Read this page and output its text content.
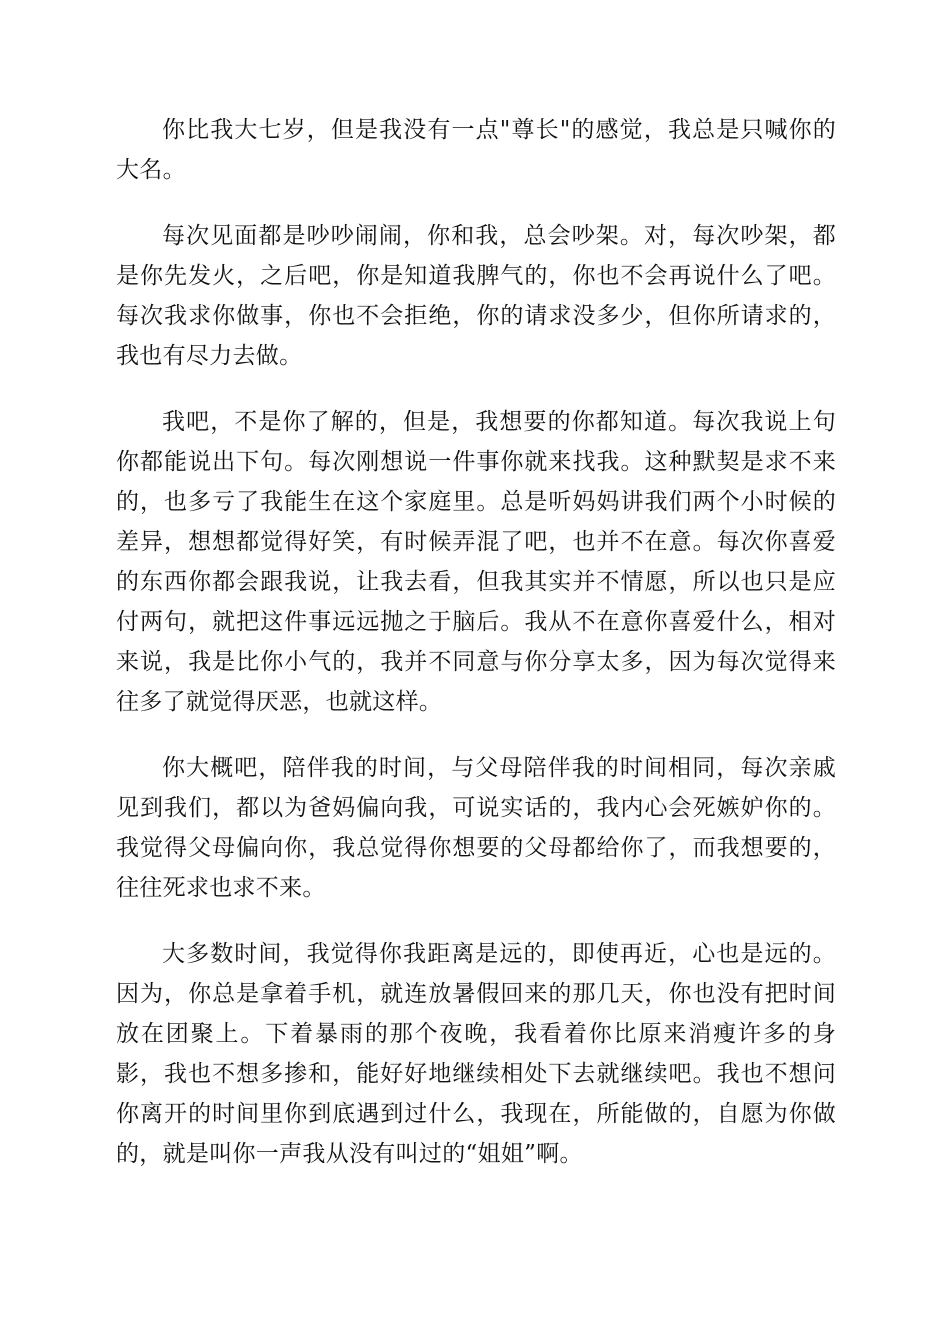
你比我大七岁，但是我没有一点"尊长"的感觉，我总是只喊你的大名。

每次见面都是吵吵闹闹，你和我，总会吵架。对，每次吵架，都是你先发火，之后吧，你是知道我脾气的，你也不会再说什么了吧。每次我求你做事，你也不会拒绝，你的请求没多少，但你所请求的，我也有尽力去做。

我吧，不是你了解的，但是，我想要的你都知道。每次我说上句你都能说出下句。每次刚想说一件事你就来找我。这种默契是求不来的，也多亏了我能生在这个家庭里。总是听妈妈讲我们两个小时候的差异，想想都觉得好笑，有时候弄混了吧，也并不在意。每次你喜爱的东西你都会跟我说，让我去看，但我其实并不情愿，所以也只是应付两句，就把这件事远远抛之于脑后。我从不在意你喜爱什么，相对来说，我是比你小气的，我并不同意与你分享太多，因为每次觉得来往多了就觉得厌恶，也就这样。

你大概吧，陪伴我的时间，与父母陪伴我的时间相同，每次亲戚见到我们，都以为爸妈偏向我，可说实话的，我内心会死嫉妒你的。我觉得父母偏向你，我总觉得你想要的父母都给你了，而我想要的，往往死求也求不来。

大多数时间，我觉得你我距离是远的，即使再近，心也是远的。因为，你总是拿着手机，就连放暑假回来的那几天，你也没有把时间放在团聚上。下着暴雨的那个夜晚，我看着你比原来消瘦许多的身影，我也不想多掺和，能好好地继续相处下去就继续吧。我也不想问你离开的时间里你到底遇到过什么，我现在，所能做的，自愿为你做的，就是叫你一声我从没有叫过的“姐姐”啊。
